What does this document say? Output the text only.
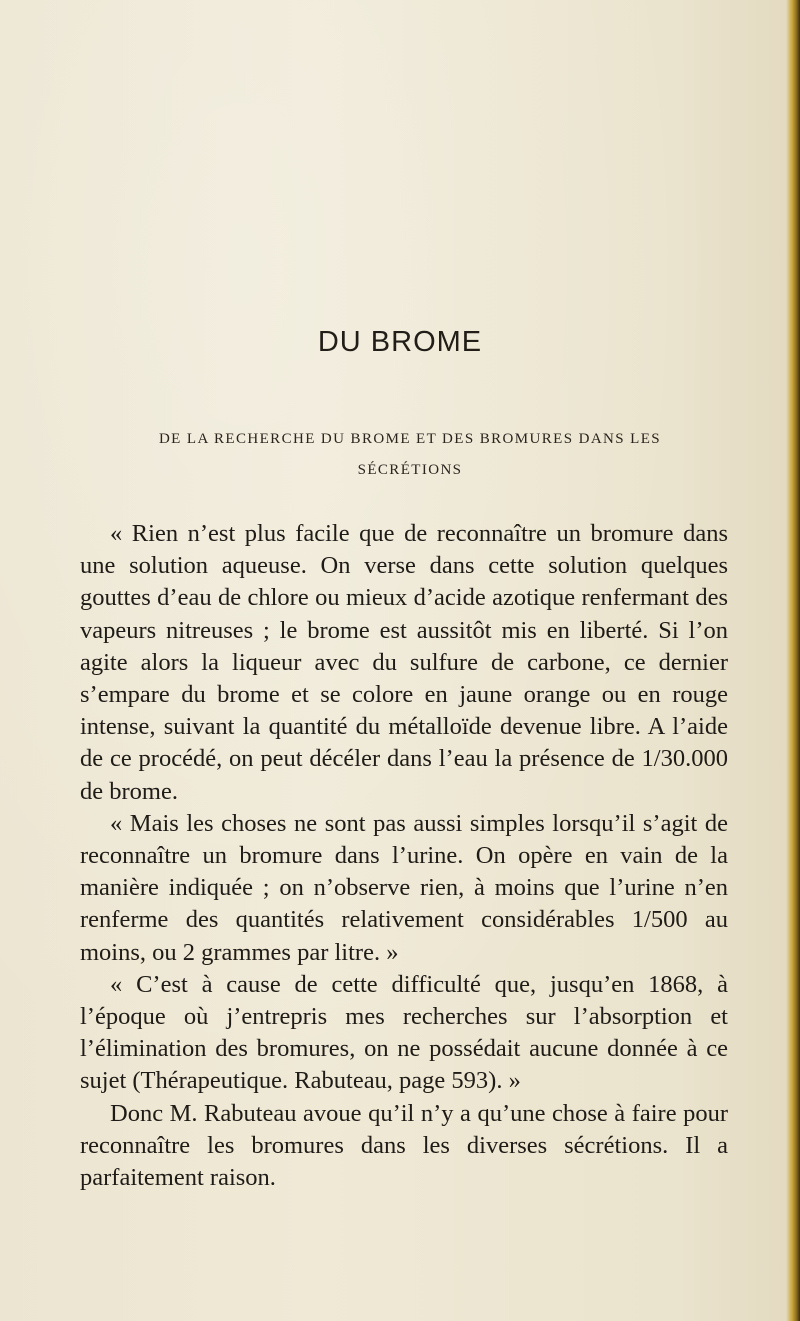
DU BROME
DE LA RECHERCHE DU BROME ET DES BROMURES DANS LES SÉCRÉTIONS

« Rien n’est plus facile que de reconnaître un bromure dans une solution aqueuse. On verse dans cette solution quelques gouttes d’eau de chlore ou mieux d’acide azotique renfermant des vapeurs nitreuses ; le brome est aussitôt mis en liberté. Si l’on agite alors la liqueur avec du sulfure de carbone, ce dernier s’empare du brome et se colore en jaune orange ou en rouge intense, suivant la quantité du métalloïde devenue libre. A l’aide de ce procédé, on peut décéler dans l’eau la présence de 1/30.000 de brome.

« Mais les choses ne sont pas aussi simples lorsqu’il s’agit de reconnaître un bromure dans l’urine. On opère en vain de la manière indiquée ; on n’observe rien, à moins que l’urine n’en renferme des quantités relativement considérables 1/500 au moins, ou 2 grammes par litre. »

« C’est à cause de cette difficulté que, jusqu’en 1868, à l’époque où j’entrepris mes recherches sur l’absorption et l’élimination des bromures, on ne possédait aucune donnée à ce sujet (Thérapeutique. Rabuteau, page 593). »

Donc M. Rabuteau avoue qu’il n’y a qu’une chose à faire pour reconnaître les bromures dans les diverses sécrétions. Il a parfaitement raison.
